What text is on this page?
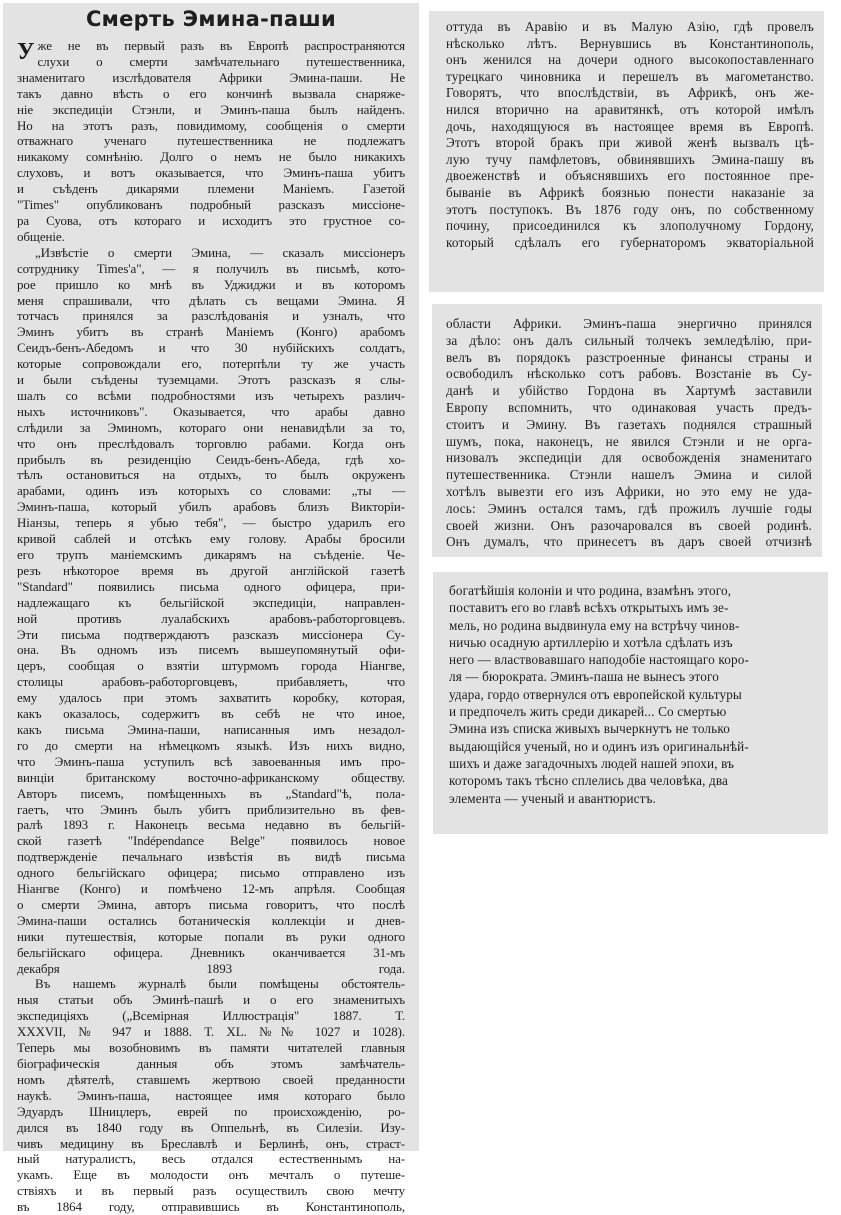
Смерть Эмина-паши

Уже не въ первый разъ въ Европѣ распространяются
слухи о смерти замѣчательнаго путешественника,
знаменитаго изслѣдователя Африки Эмина-паши. Не
такъ давно вѣсть о его кончинѣ вызвала снаряже-
ніе экспедиціи Стэнли, и Эминъ-паша былъ найденъ.
Но на этотъ разъ, повидимому, сообщенія о смерти
отважнаго ученаго путешественника не подлежатъ
никакому сомнѣнію. Долго о немъ не было никакихъ
слуховъ, и вотъ оказывается, что Эминъ-паша убитъ
и съѣденъ дикарями племени Маніемъ. Газетой
"Times" опубликованъ подробный разсказъ миссіоне-
ра Суова, отъ котораго и исходитъ это грустное со-
общеніе.

„Извѣстіе о смерти Эмина, — сказалъ миссіонеръ
сотруднику Times'а", — я получилъ въ письмѣ, кото-
рое пришло ко мнѣ въ Уджиджи и въ которомъ
меня спрашивали, что дѣлать съ вещами Эмина. Я
тотчасъ принялся за разслѣдованія и узналъ, что
Эминъ убитъ въ странѣ Маніемъ (Конго) арабомъ
Сеидъ-бенъ-Абедомъ и что 30 нубійскихъ солдатъ,
которые сопровождали его, потерпѣли ту же участь
и были съѣдены туземцами. Этотъ разсказъ я слы-
шалъ со всѣми подробностями изъ четырехъ различ-
ныхъ источниковъ". Оказывается, что арабы давно
слѣдили за Эминомъ, котораго они ненавидѣли за то,
что онъ преслѣдовалъ торговлю рабами. Когда онъ
прибылъ въ резиденцію Сеидъ-бенъ-Абеда, гдѣ хо-
тѣлъ остановиться на отдыхъ, то былъ окруженъ
арабами, одинъ изъ которыхъ со словами: „ты —
Эминъ-паша, который убилъ арабовъ близъ Викторіи-
Ніанзы, теперь я убью тебя", — быстро ударилъ его
кривой саблей и отсѣкъ ему голову. Арабы бросили
его трупъ маніемскимъ дикарямъ на съѣденіе. Че-
резъ нѣкоторое время въ другой англійской газетѣ
"Standard" появились письма одного офицера, при-
надлежащаго къ бельгійской экспедиціи, направлен-
ной противъ луалабскихъ арабовъ-работорговцевъ.
Эти письма подтверждаютъ разсказъ миссіонера Су-
она. Въ одномъ изъ писемъ вышеупомянутый офи-
церъ, сообщая о взятіи штурмомъ города Ніангве,
столицы арабовъ-работорговцевъ, прибавляетъ, что
ему удалось при этомъ захватить коробку, которая,
какъ оказалось, содержитъ въ себѣ не что иное,
какъ письма Эмина-паши, написанныя имъ незадол-
го до смерти на нѣмецкомъ языкѣ. Изъ нихъ видно,
что Эминъ-паша уступилъ всѣ завоеванныя имъ про-
винціи британскому восточно-африканскому обществу.
Авторъ писемъ, помѣщенныхъ въ „Standard"ѣ, пола-
гаетъ, что Эминъ былъ убитъ приблизительно въ фев-
ралѣ 1893 г. Наконецъ весьма недавно въ бельгій-
ской газетѣ "Indépendance Belge" появилось новое
подтвержденіе печальнаго извѣстія въ видѣ письма
одного бельгійскаго офицера; письмо отправлено изъ
Ніангве (Конго) и помѣчено 12-мъ апрѣля. Сообщая
о смерти Эмина, авторъ письма говоритъ, что послѣ
Эмина-паши остались ботаническія коллекціи и днев-
ники путешествія, которые попали въ руки одного
бельгійскаго офицера. Дневникъ оканчивается 31-мъ
декабря 1893 года.

Въ нашемъ журналѣ были помѣщены обстоятель-
ныя статьи объ Эминѣ-пашѣ и о его знаменитыхъ
экспедиціяхъ („Всемірная Иллюстрація" 1887. Т.
XXXVII, № 947 и 1888. Т. XL. №№ 1027 и 1028).
Теперь мы возобновимъ въ памяти читателей главныя
біографическія данныя объ этомъ замѣчатель-
номъ дѣятелѣ, ставшемъ жертвою своей преданности
наукѣ. Эминъ-паша, настоящее имя котораго было
Эдуардъ Шницлеръ, еврей по происхожденію, ро-
дился въ 1840 году въ Оппельнѣ, въ Силезіи. Изу-
чивъ медицину въ Бреславлѣ и Берлинѣ, онъ, страст-
ный натуралистъ, весь отдался естественнымъ на-
укамъ. Еще въ молодости онъ мечталъ о путеше-
ствіяхъ и въ первый разъ осуществилъ свою мечту
въ 1864 году, отправившись въ Константинополь,

оттуда въ Аравію и въ Малую Азію, гдѣ провелъ
нѣсколько лѣтъ. Вернувшись въ Константинополь,
онъ женился на дочери одного высокопоставленнаго
турецкаго чиновника и перешелъ въ магометанство.
Говорятъ, что впослѣдствіи, въ Африкѣ, онъ же-
нился вторично на аравитянкѣ, отъ которой имѣлъ
дочь, находящуюся въ настоящее время въ Европѣ.
Этотъ второй бракъ при живой женѣ вызвалъ цѣ-
лую тучу памфлетовъ, обвинявшихъ Эмина-пашу въ
двоеженствѣ и объяснявшихъ его постоянное пре-
бываніе въ Африкѣ боязнью понести наказаніе за
этотъ поступокъ. Въ 1876 году онъ, по собственному
почину, присоединился къ злополучному Гордону,
который сдѣлалъ его губернаторомъ экваторіальной

области Африки. Эминъ-паша энергично принялся
за дѣло: онъ далъ сильный толчекъ земледѣлію, при-
велъ въ порядокъ разстроенные финансы страны и
освободилъ нѣсколько сотъ рабовъ. Возстаніе въ Су-
данѣ и убійство Гордона въ Хартумѣ заставили
Европу вспомнить, что одинаковая участь предъ-
стоитъ и Эмину. Въ газетахъ поднялся страшный
шумъ, пока, наконецъ, не явился Стэнли и не орга-
низовалъ экспедиціи для освобожденія знаменитаго
путешественника. Стэнли нашелъ Эмина и силой
хотѣлъ вывезти его изъ Африки, но это ему не уда-
лось: Эминъ остался тамъ, гдѣ прожилъ лучшіе годы
своей жизни. Онъ разочаровался въ своей родинѣ.
Онъ думалъ, что принесетъ въ даръ своей отчизнѣ

богатѣйшія колоніи и что родина, взамѣнъ этого,
поставитъ его во главѣ всѣхъ открытыхъ имъ зе-
мель, но родина выдвинула ему на встрѣчу чинов-
ничью осадную артиллерію и хотѣла сдѣлать изъ
него — властвовавшаго наподобіе настоящаго коро-
ля — бюрократа. Эминъ-паша не вынесъ этого
удара, гордо отвернулся отъ европейской культуры
и предпочелъ жить среди дикарей... Со смертью
Эмина изъ списка живыхъ вычеркнутъ не только
выдающійся ученый, но и одинъ изъ оригинальнѣй-
шихъ и даже загадочныхъ людей нашей эпохи, въ
которомъ такъ тѣсно сплелись два человѣка, два
элемента — ученый и авантюристъ.
